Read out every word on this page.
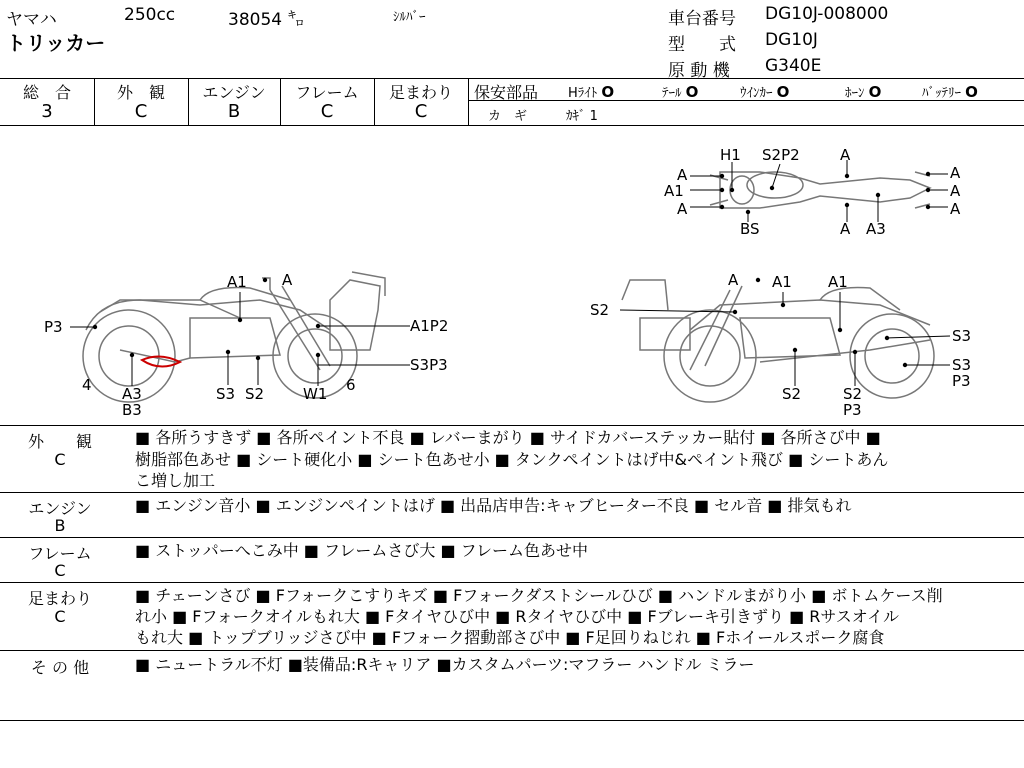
ヤマハ	250cc	38054 ㌔	ｼﾙﾊﾞｰ
トリッカー
車台番号 DG10J-008000
型　　式 DG10J
原 動 機 G340E
総　合
3
外　観
C
エンジン
B
フレーム
C
足まわり
C
保安部品 Hﾗｲﾄ O	ﾃｰﾙ O	ｳｲﾝｶｰ O	ﾎｰﾝ O	ﾊﾞｯﾃﾘｰ O
カ　ギ	ｶｷﾞ 1
A1 A
P3	A1P2
S3P3
4 A3
B3
S3 S2	W1 6
A A1 A1
S2
S3
S3
P3
S2	S2
P3
H1 S2P2	A
A
A1
A
A
A
A
BS	A A3
外　　観
C
■ 各所うすきず ■ 各所ペイント不良 ■ レバーまがり ■ サイドカバーステッカー貼付 ■ 各所さび中 ■
樹脂部色あせ ■ シート硬化小 ■ シート色あせ小 ■ タンクペイントはげ中&ペイント飛び ■ シートあん
こ増し加工
エンジン
B
■ エンジン音小 ■ エンジンペイントはげ ■ 出品店申告:キャブヒーター不良 ■ セル音 ■ 排気もれ
フレーム
C
■ ストッパーへこみ中 ■ フレームさび大 ■ フレーム色あせ中
足まわり
C
■ チェーンさび ■ Fフォークこすりキズ ■ Fフォークダストシールひび ■ ハンドルまがり小 ■ ボトムケース削
れ小 ■ Fフォークオイルもれ大 ■ Fタイヤひび中 ■ Rタイヤひび中 ■ Fブレーキ引きずり ■ Rサスオイル
もれ大 ■ トップブリッジさび中 ■ Fフォーク摺動部さび中 ■ F足回りねじれ ■ Fホイールスポーク腐食
そ の 他	■ ニュートラル不灯 ■装備品:Rキャリア ■カスタムパーツ:マフラー ハンドル ミラー
